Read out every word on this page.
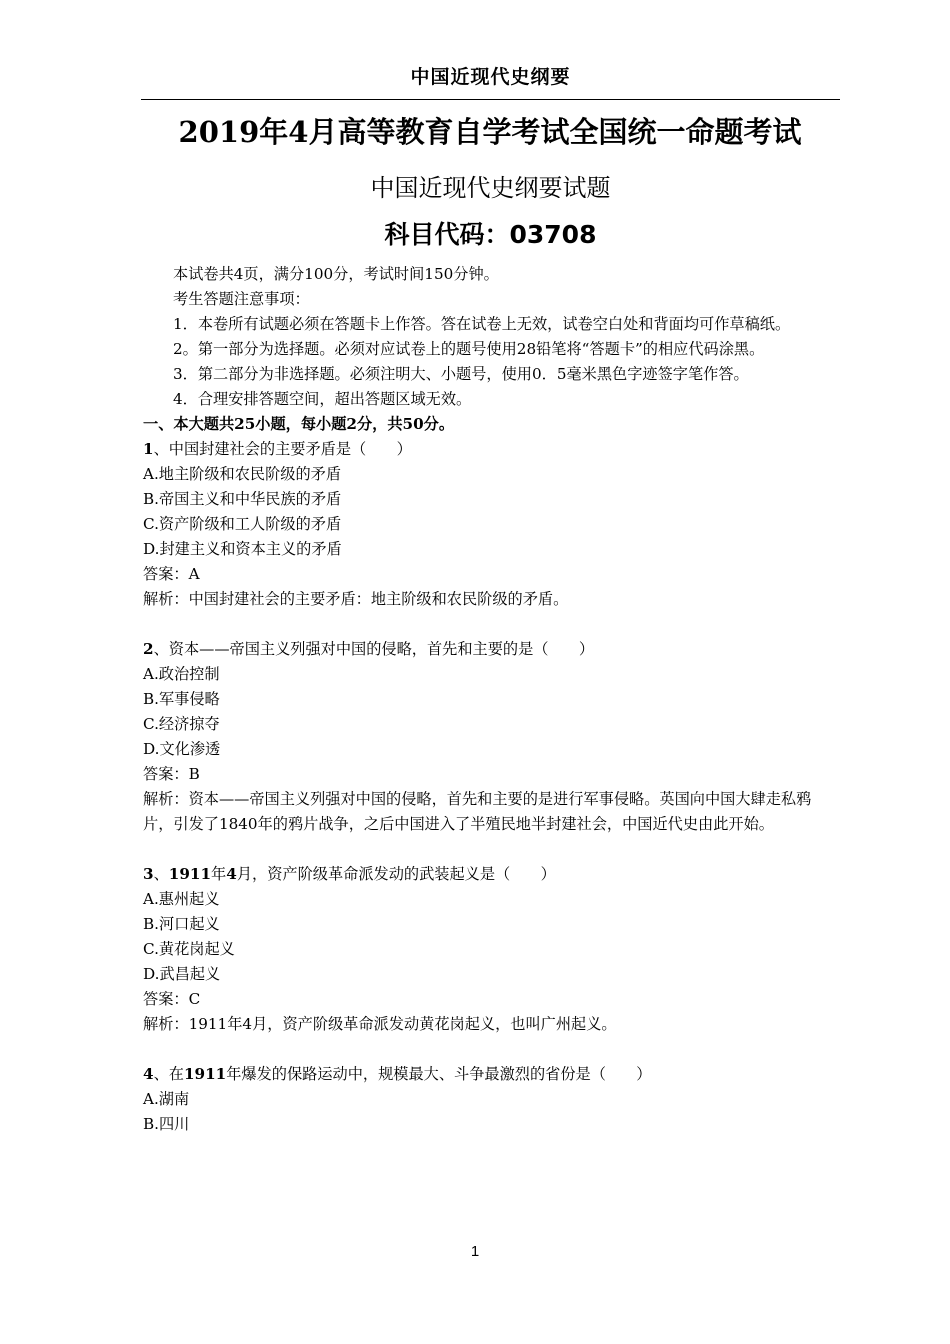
中国近现代史纲要
2019年4月高等教育自学考试全国统一命题考试
中国近现代史纲要试题
科目代码：03708

本试卷共4页，满分100分，考试时间150分钟。

考生答题注意事项：

1．本卷所有试题必须在答题卡上作答。答在试卷上无效，试卷空白处和背面均可作草稿纸。

2。第一部分为选择题。必须对应试卷上的题号使用28铅笔将“答题卡”的相应代码涂黑。

3．第二部分为非选择题。必须注明大、小题号，使用0．5毫米黑色字迹签字笔作答。

4．合理安排答题空间，超出答题区域无效。

一、本大题共25小题，每小题2分，共50分。

1、中国封建社会的主要矛盾是（　　）

A.地主阶级和农民阶级的矛盾

B.帝国主义和中华民族的矛盾

C.资产阶级和工人阶级的矛盾

D.封建主义和资本主义的矛盾

答案：A

解析：中国封建社会的主要矛盾：地主阶级和农民阶级的矛盾。

2、资本——帝国主义列强对中国的侵略，首先和主要的是（　　）

A.政治控制

B.军事侵略

C.经济掠夺

D.文化渗透

答案：B

解析：资本——帝国主义列强对中国的侵略，首先和主要的是进行军事侵略。英国向中国大肆走私鸦片，引发了1840年的鸦片战争，之后中国进入了半殖民地半封建社会，中国近代史由此开始。

3、1911年4月，资产阶级革命派发动的武装起义是（　　）

A.惠州起义

B.河口起义

C.黄花岗起义

D.武昌起义

答案：C

解析：1911年4月，资产阶级革命派发动黄花岗起义，也叫广州起义。

4、在1911年爆发的保路运动中，规模最大、斗争最激烈的省份是（　　）

A.湖南

B.四川

1
